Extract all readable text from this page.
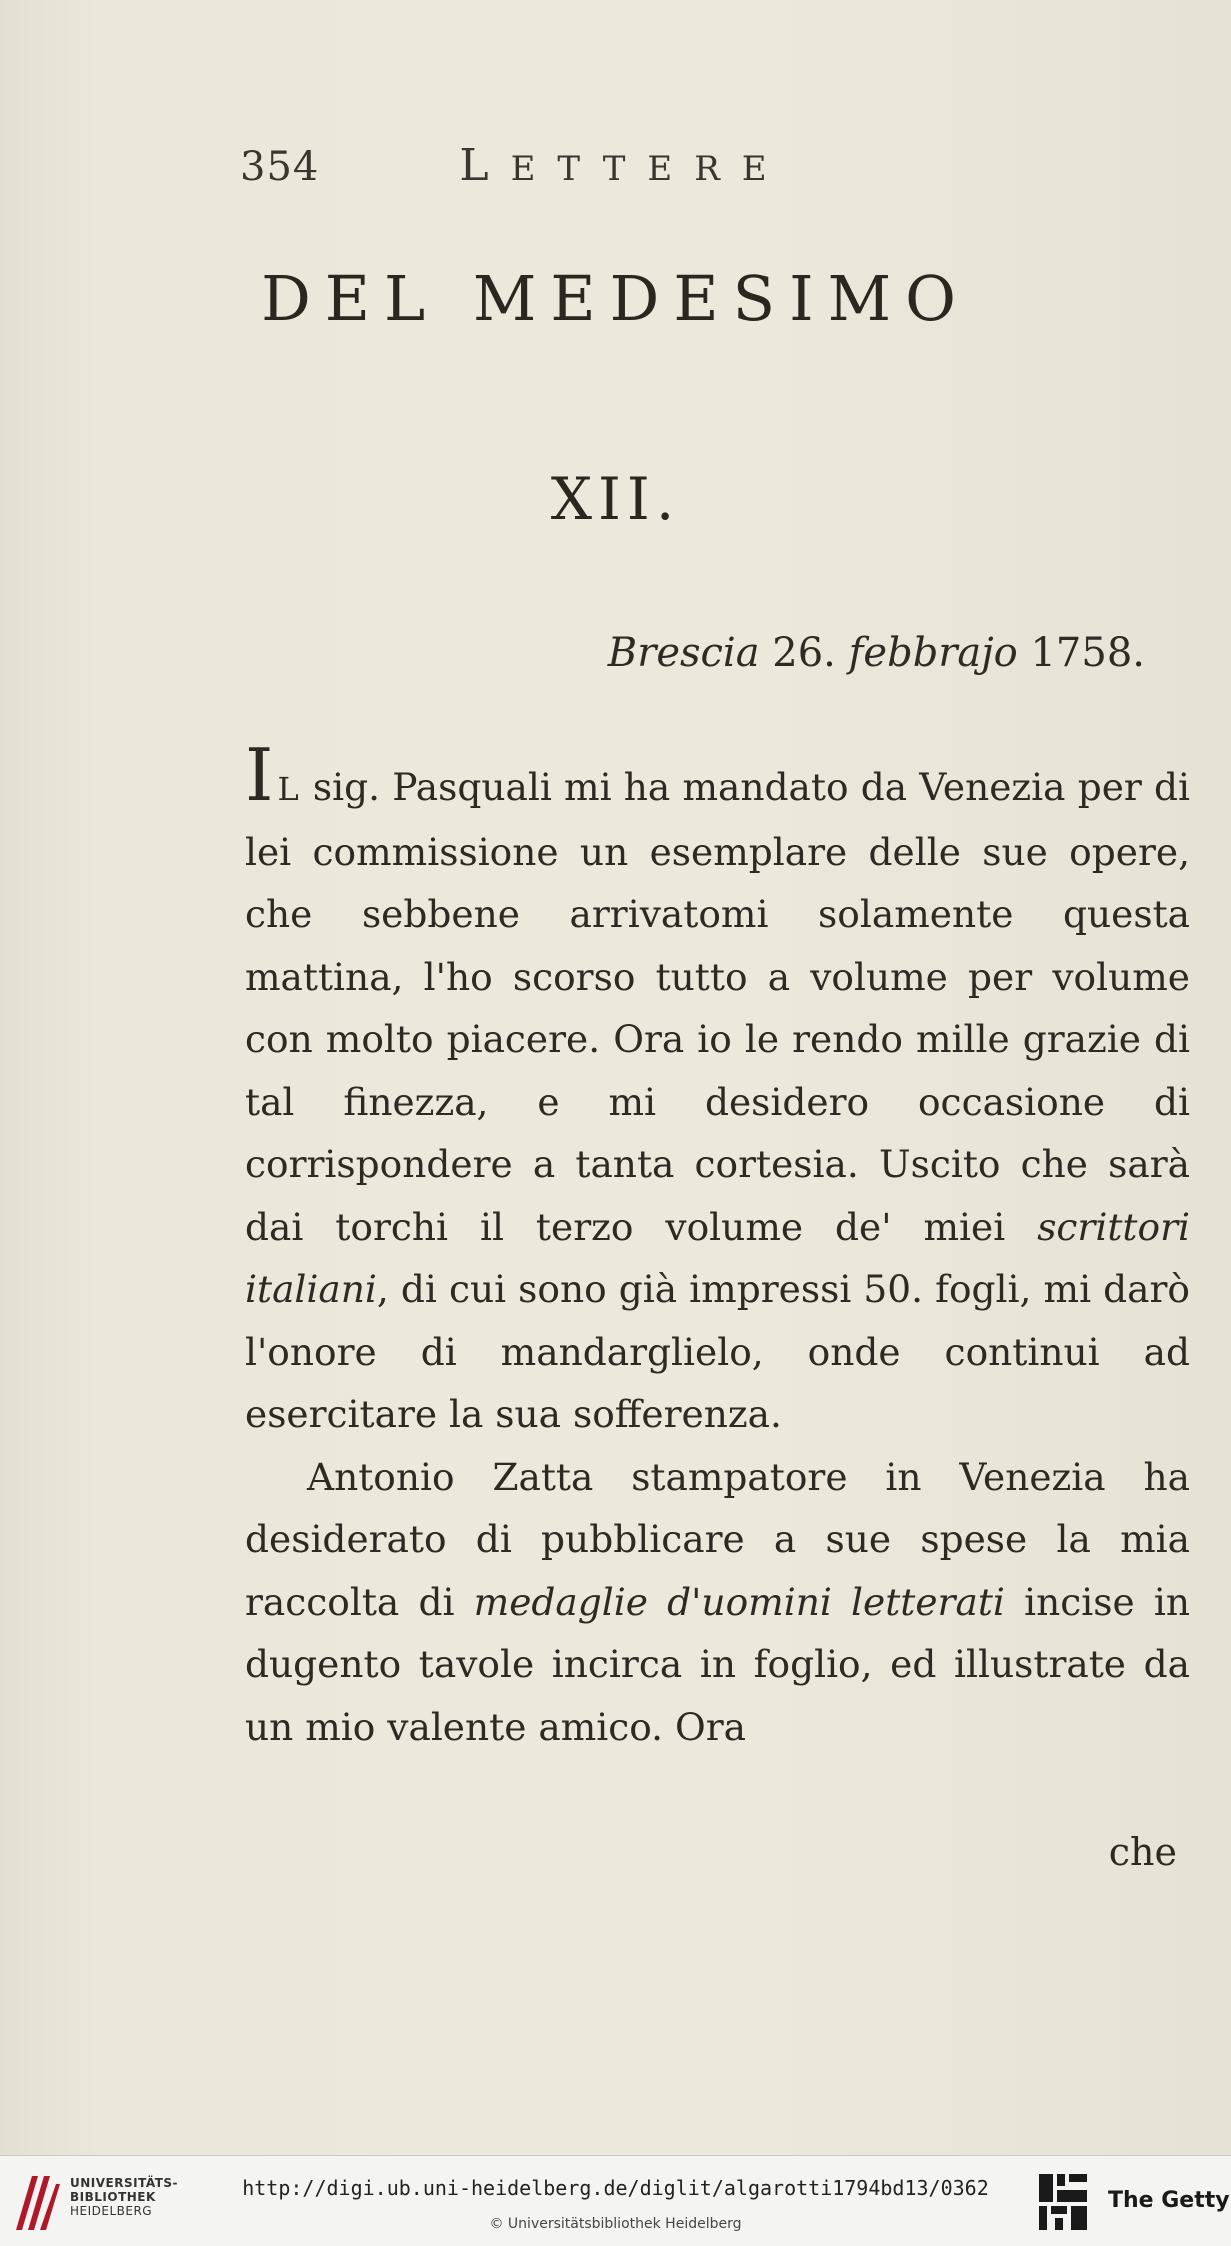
354	LETTERE
DEL MEDESIMO
XII.
Brescia 26. febbrajo 1758.

I L sig. Pasquali mi ha mandato da Venezia per di lei commissione un esemplare delle sue opere, che sebbene arrivatomi solamente questa mattina, l'ho scorso tutto a volume per volume con molto piacere. Ora io le rendo mille grazie di tal finezza, e mi desidero occasione di corrispondere a tanta cortesia. Uscito che sarà dai torchi il terzo volume de' miei scrittori italiani, di cui sono già impressi 50. fogli, mi darò l'onore di mandarglielo, onde continui ad esercitare la sua sofferenza.

Antonio Zatta stampatore in Venezia ha desiderato di pubblicare a sue spese la mia raccolta di medaglie d'uomini letterati incise in dugento tavole incirca in foglio, ed illustrate da un mio valente amico. Ora

che
UNIVERSITÄTS-
BIBLIOTHEK
HEIDELBERG
http://digi.ub.uni-heidelberg.de/diglit/algarotti1794bd13/0362
© Universitätsbibliothek Heidelberg
The Getty
